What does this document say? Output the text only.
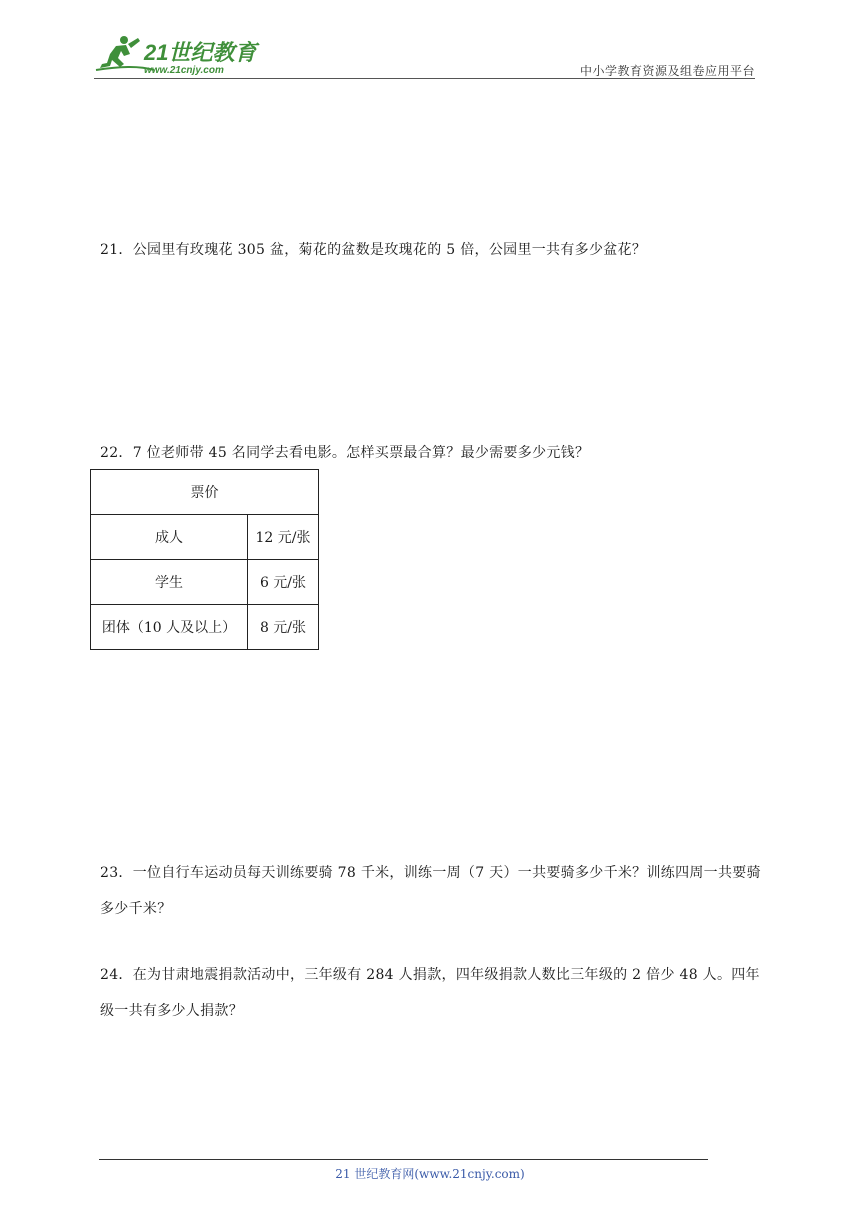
21世纪教育
www.21cnjy.com	中小学教育资源及组卷应用平台
21．公园里有玫瑰花 305 盆，菊花的盆数是玫瑰花的 5 倍，公园里一共有多少盆花？
22．7 位老师带 45 名同学去看电影。怎样买票最合算？最少需要多少元钱？
票价	
成人	12 元/张
学生	6 元/张
团体（10 人及以上）	8 元/张
23．一位自行车运动员每天训练要骑 78 千米，训练一周（7 天）一共要骑多少千米？训练四周一共要骑多少千米？
24．在为甘肃地震捐款活动中，三年级有 284 人捐款，四年级捐款人数比三年级的 2 倍少 48 人。四年级一共有多少人捐款？
21 世纪教育网(www.21cnjy.com)
